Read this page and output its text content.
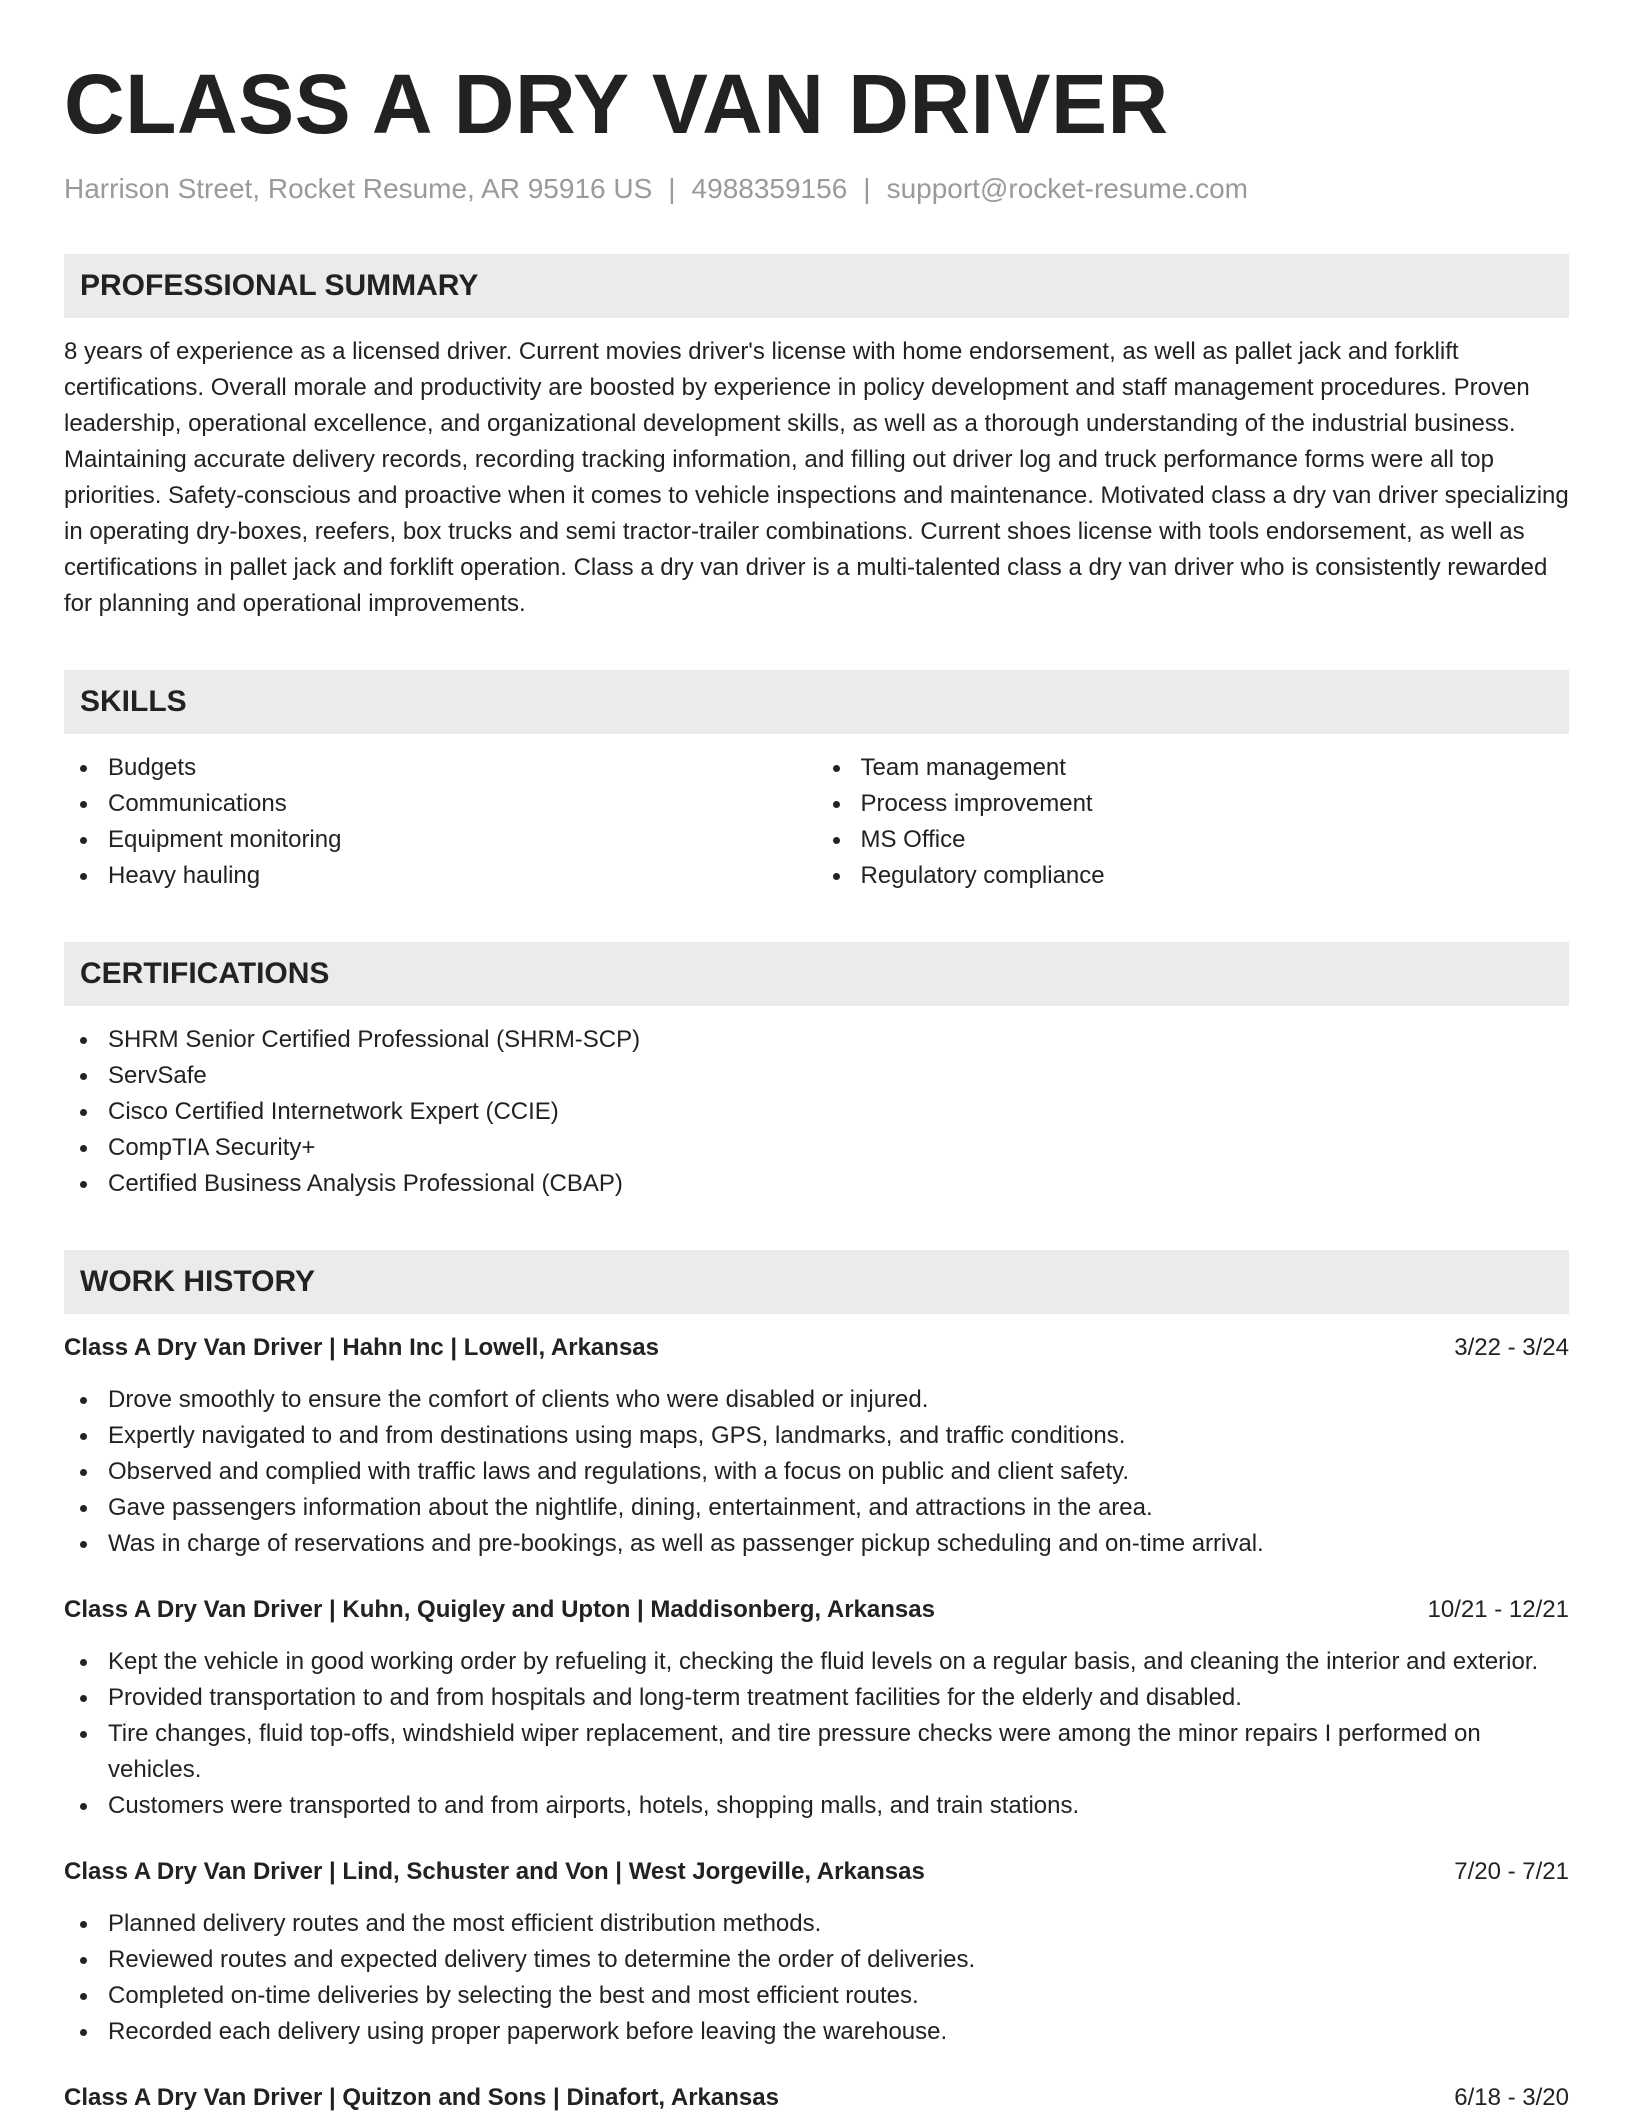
CLASS A DRY VAN DRIVER
Harrison Street, Rocket Resume, AR 95916 US | 4988359156 | support@rocket-resume.com
PROFESSIONAL SUMMARY
8 years of experience as a licensed driver. Current movies driver's license with home endorsement, as well as pallet jack and forklift certifications. Overall morale and productivity are boosted by experience in policy development and staff management procedures. Proven leadership, operational excellence, and organizational development skills, as well as a thorough understanding of the industrial business. Maintaining accurate delivery records, recording tracking information, and filling out driver log and truck performance forms were all top priorities. Safety-conscious and proactive when it comes to vehicle inspections and maintenance. Motivated class a dry van driver specializing in operating dry-boxes, reefers, box trucks and semi tractor-trailer combinations. Current shoes license with tools endorsement, as well as certifications in pallet jack and forklift operation. Class a dry van driver is a multi-talented class a dry van driver who is consistently rewarded for planning and operational improvements.
SKILLS
Budgets
Communications
Equipment monitoring
Heavy hauling
Team management
Process improvement
MS Office
Regulatory compliance
CERTIFICATIONS
SHRM Senior Certified Professional (SHRM-SCP)
ServSafe
Cisco Certified Internetwork Expert (CCIE)
CompTIA Security+
Certified Business Analysis Professional (CBAP)
WORK HISTORY
Class A Dry Van Driver | Hahn Inc | Lowell, Arkansas	3/22 - 3/24
Drove smoothly to ensure the comfort of clients who were disabled or injured.
Expertly navigated to and from destinations using maps, GPS, landmarks, and traffic conditions.
Observed and complied with traffic laws and regulations, with a focus on public and client safety.
Gave passengers information about the nightlife, dining, entertainment, and attractions in the area.
Was in charge of reservations and pre-bookings, as well as passenger pickup scheduling and on-time arrival.
Class A Dry Van Driver | Kuhn, Quigley and Upton | Maddisonberg, Arkansas	10/21 - 12/21
Kept the vehicle in good working order by refueling it, checking the fluid levels on a regular basis, and cleaning the interior and exterior.
Provided transportation to and from hospitals and long-term treatment facilities for the elderly and disabled.
Tire changes, fluid top-offs, windshield wiper replacement, and tire pressure checks were among the minor repairs I performed on vehicles.
Customers were transported to and from airports, hotels, shopping malls, and train stations.
Class A Dry Van Driver | Lind, Schuster and Von | West Jorgeville, Arkansas	7/20 - 7/21
Planned delivery routes and the most efficient distribution methods.
Reviewed routes and expected delivery times to determine the order of deliveries.
Completed on-time deliveries by selecting the best and most efficient routes.
Recorded each delivery using proper paperwork before leaving the warehouse.
Class A Dry Van Driver | Quitzon and Sons | Dinafort, Arkansas	6/18 - 3/20
